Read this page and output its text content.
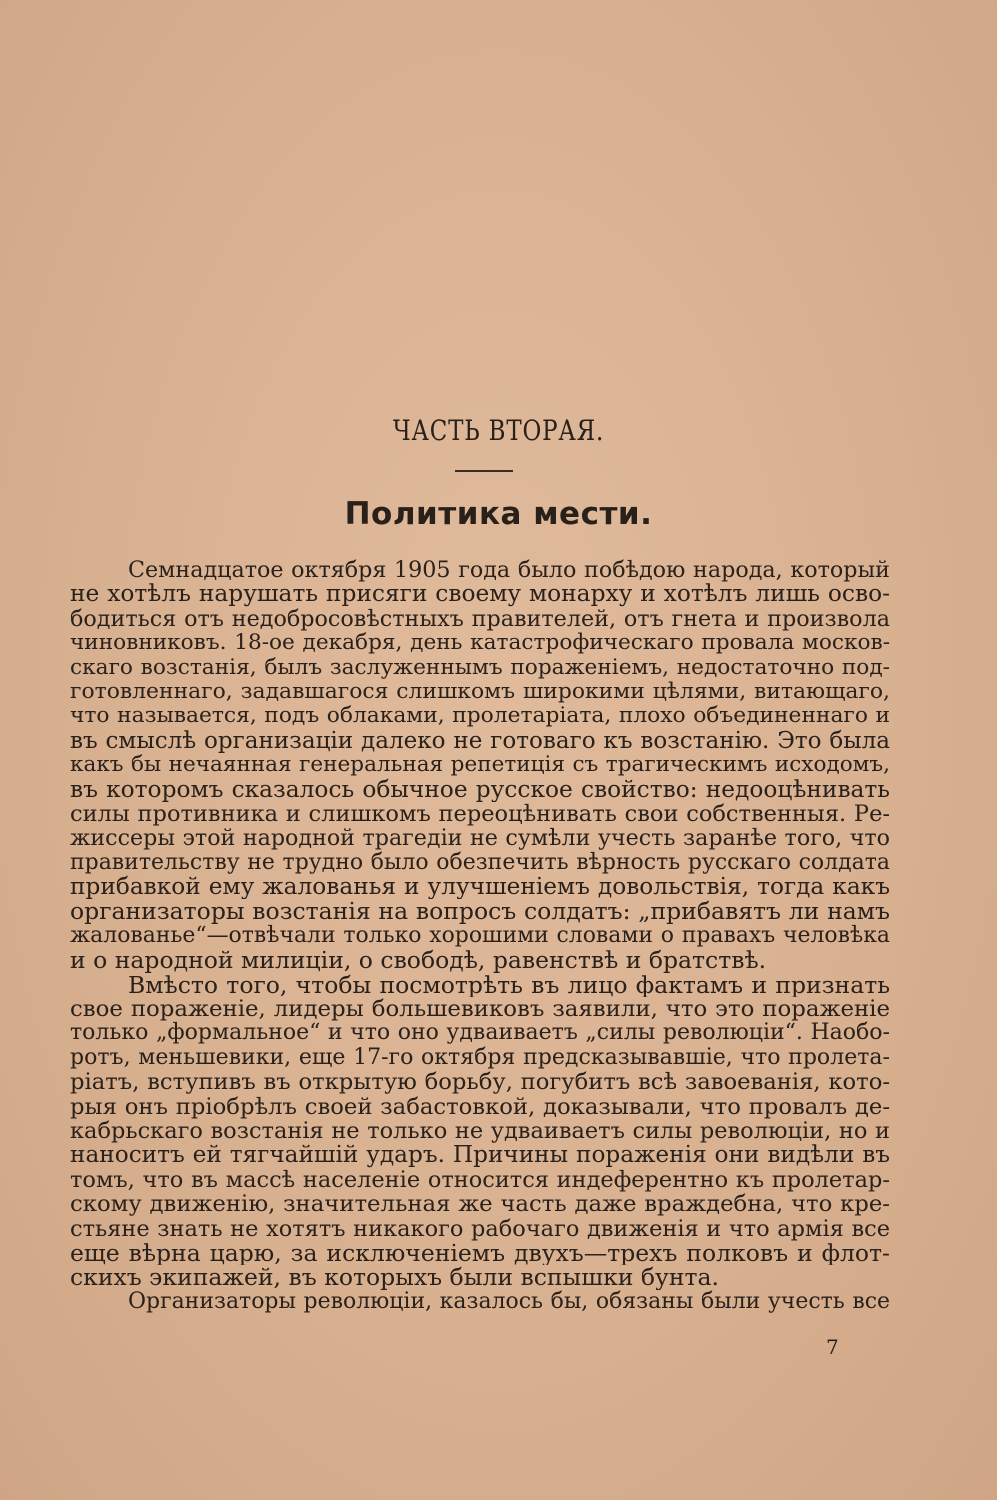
ЧАСТЬ ВТОРАЯ.
Политика мести.
Семнадцатое октября 1905 года было побѣдою народа, который
не хотѣлъ нарушать присяги своему монарху и хотѣлъ лишь осво-
бодиться отъ недобросовѣстныхъ правителей, отъ гнета и произвола
чиновниковъ. 18-ое декабря, день катастрофическаго провала москов-
скаго возстанія, былъ заслуженнымъ пораженіемъ, недостаточно под-
готовленнаго, задавшагося слишкомъ широкими цѣлями, витающаго,
что называется, подъ облаками, пролетаріата, плохо объединеннаго и
въ смыслѣ организаціи далеко не готоваго къ возстанію. Это была
какъ бы нечаянная генеральная репетиція съ трагическимъ исходомъ,
въ которомъ сказалось обычное русское свойство: недооцѣнивать
силы противника и слишкомъ переоцѣнивать свои собственныя. Ре-
жиссеры этой народной трагедіи не сумѣли учесть заранѣе того, что
правительству не трудно было обезпечить вѣрность русскаго солдата
прибавкой ему жалованья и улучшеніемъ довольствія, тогда какъ
организаторы возстанія на вопросъ солдатъ: „прибавятъ ли намъ
жалованье“—отвѣчали только хорошими словами о правахъ человѣка
и о народной милиціи, о свободѣ, равенствѣ и братствѣ.
Вмѣсто того, чтобы посмотрѣть въ лицо фактамъ и признать
свое пораженіе, лидеры большевиковъ заявили, что это пораженіе
только „формальное“ и что оно удваиваетъ „силы революціи“. Наобо-
ротъ, меньшевики, еще 17-го октября предсказывавшіе, что пролета-
ріатъ, вступивъ въ открытую борьбу, погубитъ всѣ завоеванія, кото-
рыя онъ пріобрѣлъ своей забастовкой, доказывали, что провалъ де-
кабрьскаго возстанія не только не удваиваетъ силы революціи, но и
наноситъ ей тягчайшій ударъ. Причины пораженія они видѣли въ
томъ, что въ массѣ населеніе относится индеферентно къ пролетар-
скому движенію, значительная же часть даже враждебна, что кре-
стьяне знать не хотятъ никакого рабочаго движенія и что армія все
еще вѣрна царю, за исключеніемъ двухъ—трехъ полковъ и флот-
скихъ экипажей, въ которыхъ были вспышки бунта.
Организаторы революціи, казалось бы, обязаны были учесть все
7
